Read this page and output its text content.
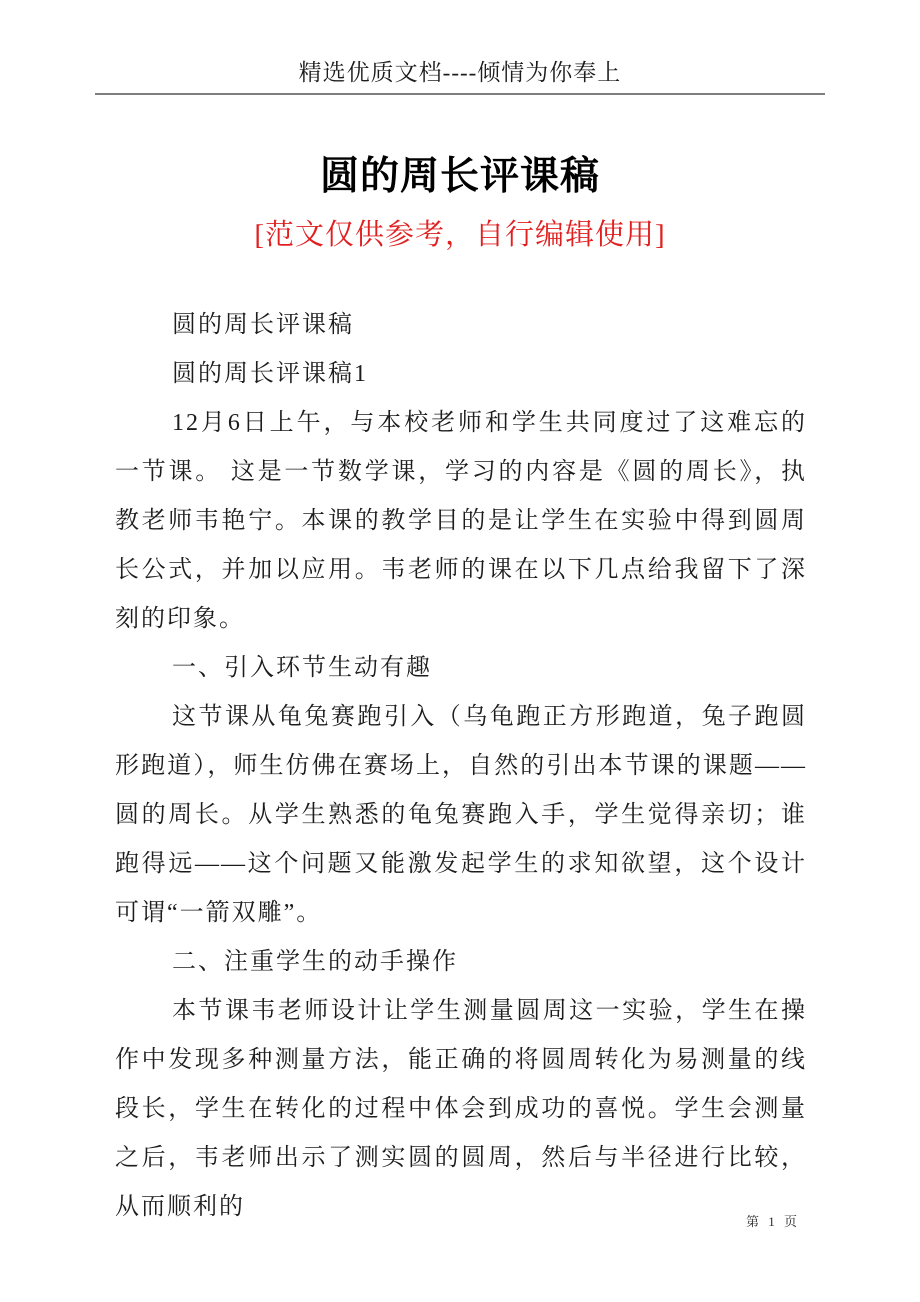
精选优质文档----倾情为你奉上
圆的周长评课稿
[范文仅供参考，自行编辑使用]

圆的周长评课稿

圆的周长评课稿1

12月6日上午，与本校老师和学生共同度过了这难忘的一节课。 这是一节数学课，学习的内容是《圆的周长》，执教老师韦艳宁。本课的教学目的是让学生在实验中得到圆周长公式，并加以应用。韦老师的课在以下几点给我留下了深刻的印象。

一、引入环节生动有趣

这节课从龟兔赛跑引入（乌龟跑正方形跑道，兔子跑圆形跑道），师生仿佛在赛场上，自然的引出本节课的课题——圆的周长。从学生熟悉的龟兔赛跑入手，学生觉得亲切；谁跑得远——这个问题又能激发起学生的求知欲望，这个设计可谓“一箭双雕”。

二、注重学生的动手操作

本节课韦老师设计让学生测量圆周这一实验，学生在操作中发现多种测量方法，能正确的将圆周转化为易测量的线段长，学生在转化的过程中体会到成功的喜悦。学生会测量之后，韦老师出示了测实圆的圆周，然后与半径进行比较，从而顺利的

第 1 页
